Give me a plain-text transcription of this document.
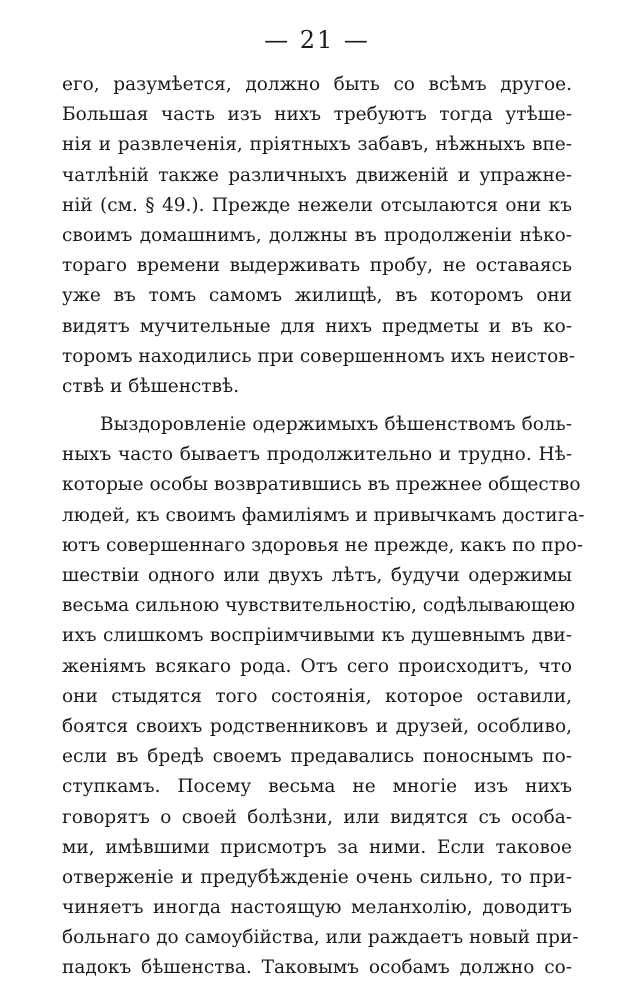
— 21 —
его, разумѣется, должно быть со всѣмъ другое.
Большая часть изъ нихъ требуютъ тогда утѣше-
нія и развлеченія, пріятныхъ забавъ, нѣжныхъ впе-
чатлѣній также различныхъ движеній и упражне-
ній (см. § 49.). Прежде нежели отсылаются они къ
своимъ домашнимъ, должны въ продолженіи нѣко-
тораго времени выдерживать пробу, не оставаясь
уже въ томъ самомъ жилищѣ, въ которомъ они
видятъ мучительные для нихъ предметы и въ ко-
торомъ находились при совершенномъ ихъ неистов-
ствѣ и бѣшенствѣ.
Выздоровленіе одержимыхъ бѣшенствомъ боль-
ныхъ часто бываетъ продолжительно и трудно. Нѣ-
которые особы возвратившись въ прежнее общество
людей, къ своимъ фамиліямъ и привычкамъ достига-
ютъ совершеннаго здоровья не прежде, какъ по про-
шествіи одного или двухъ лѣтъ, будучи одержимы
весьма сильною чувствительностію, содѣлывающею
ихъ слишкомъ воспріимчивыми къ душевнымъ дви-
женіямъ всякаго рода. Отъ сего происходитъ, что
они стыдятся того состоянія, которое оставили,
боятся своихъ родственниковъ и друзей, особливо,
если въ бредѣ своемъ предавались поноснымъ по-
ступкамъ. Посему весьма не многіе изъ нихъ
говорятъ о своей болѣзни, или видятся съ особа-
ми, имѣвшими присмотръ за ними. Если таковое
отверженіе и предубѣжденіе очень сильно, то при-
чиняетъ иногда настоящую меланхолію, доводитъ
больнаго до самоубійства, или раждаетъ новый при-
падокъ бѣшенства. Таковымъ особамъ должно со-
